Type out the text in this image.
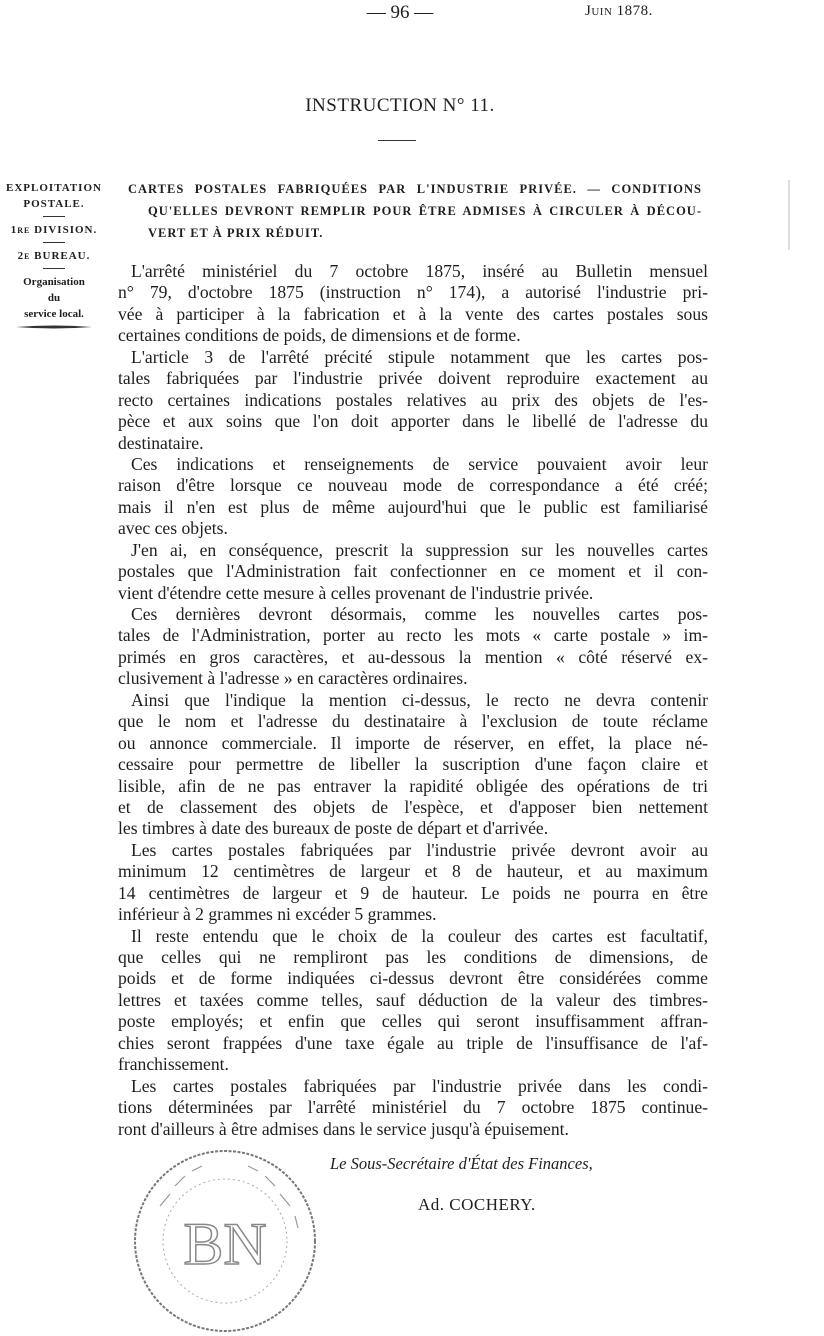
— 96 —	Juin 1878.
INSTRUCTION N° 11.
EXPLOITATION
POSTALE.
1re DIVISION.
2e BUREAU.
Organisation
du
service local.
CARTES POSTALES FABRIQUÉES PAR L'INDUSTRIE PRIVÉE. — CONDITIONS
QU'ELLES DEVRONT REMPLIR POUR ÊTRE ADMISES À CIRCULER À DÉCOU-
VERT ET À PRIX RÉDUIT.
L'arrêté ministériel du 7 octobre 1875, inséré au Bulletin mensuel
n° 79, d'octobre 1875 (instruction n° 174), a autorisé l'industrie pri-
vée à participer à la fabrication et à la vente des cartes postales sous
certaines conditions de poids, de dimensions et de forme.
L'article 3 de l'arrêté précité stipule notamment que les cartes pos-
tales fabriquées par l'industrie privée doivent reproduire exactement au
recto certaines indications postales relatives au prix des objets de l'es-
pèce et aux soins que l'on doit apporter dans le libellé de l'adresse du
destinataire.
Ces indications et renseignements de service pouvaient avoir leur
raison d'être lorsque ce nouveau mode de correspondance a été créé;
mais il n'en est plus de même aujourd'hui que le public est familiarisé
avec ces objets.
J'en ai, en conséquence, prescrit la suppression sur les nouvelles cartes
postales que l'Administration fait confectionner en ce moment et il con-
vient d'étendre cette mesure à celles provenant de l'industrie privée.
Ces dernières devront désormais, comme les nouvelles cartes pos-
tales de l'Administration, porter au recto les mots « carte postale » im-
primés en gros caractères, et au-dessous la mention « côté réservé ex-
clusivement à l'adresse » en caractères ordinaires.
Ainsi que l'indique la mention ci-dessus, le recto ne devra contenir
que le nom et l'adresse du destinataire à l'exclusion de toute réclame
ou annonce commerciale. Il importe de réserver, en effet, la place né-
cessaire pour permettre de libeller la suscription d'une façon claire et
lisible, afin de ne pas entraver la rapidité obligée des opérations de tri
et de classement des objets de l'espèce, et d'apposer bien nettement
les timbres à date des bureaux de poste de départ et d'arrivée.
Les cartes postales fabriquées par l'industrie privée devront avoir au
minimum 12 centimètres de largeur et 8 de hauteur, et au maximum
14 centimètres de largeur et 9 de hauteur. Le poids ne pourra en être
inférieur à 2 grammes ni excéder 5 grammes.
Il reste entendu que le choix de la couleur des cartes est facultatif,
que celles qui ne rempliront pas les conditions de dimensions, de
poids et de forme indiquées ci-dessus devront être considérées comme
lettres et taxées comme telles, sauf déduction de la valeur des timbres-
poste employés; et enfin que celles qui seront insuffisamment affran-
chies seront frappées d'une taxe égale au triple de l'insuffisance de l'af-
franchissement.
Les cartes postales fabriquées par l'industrie privée dans les condi-
tions déterminées par l'arrêté ministériel du 7 octobre 1875 continue-
ront d'ailleurs à être admises dans le service jusqu'à épuisement.
Le Sous-Secrétaire d'État des Finances,
Ad. COCHERY.
BN
